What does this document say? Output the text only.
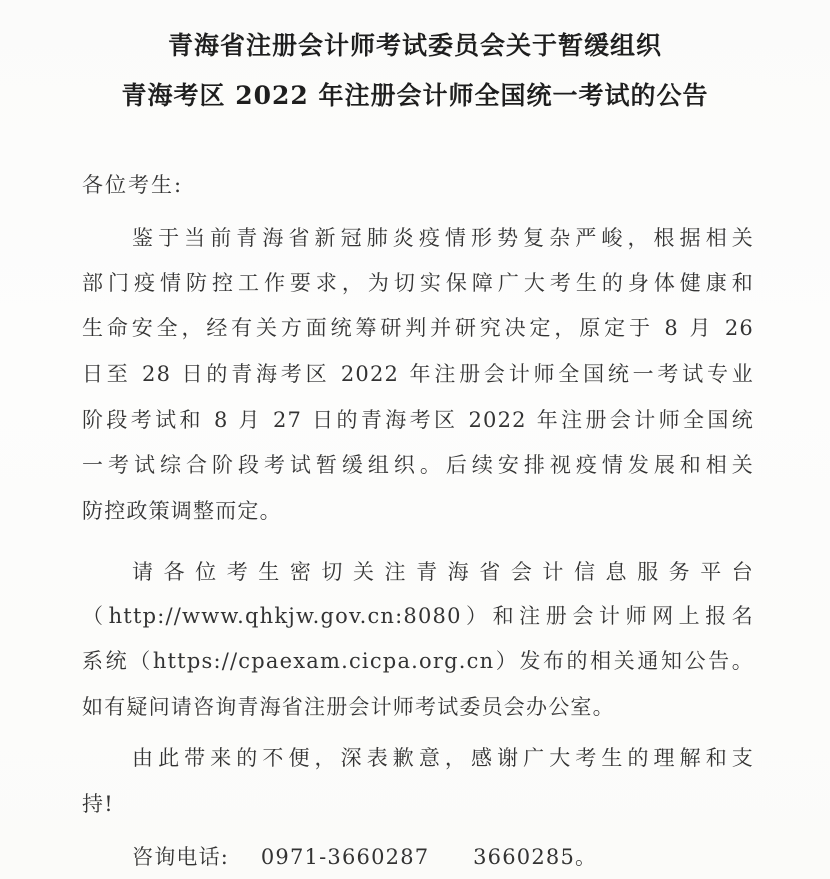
青海省注册会计师考试委员会关于暂缓组织
青海考区 2022 年注册会计师全国统一考试的公告
各位考生:
鉴于当前青海省新冠肺炎疫情形势复杂严峻，根据相关
部门疫情防控工作要求，为切实保障广大考生的身体健康和
生命安全，经有关方面统筹研判并研究决定，原定于 8 月 26
日至 28 日的青海考区 2022 年注册会计师全国统一考试专业
阶段考试和 8 月 27 日的青海考区 2022 年注册会计师全国统
一考试综合阶段考试暂缓组织。后续安排视疫情发展和相关
防控政策调整而定。
请各位考生密切关注青海省会计信息服务平台
（http://www.qhkjw.gov.cn:8080）和注册会计师网上报名
系统（https://cpaexam.cicpa.org.cn）发布的相关通知公告。
如有疑问请咨询青海省注册会计师考试委员会办公室。
由此带来的不便，深表歉意，感谢广大考生的理解和支
持!
咨询电话: 0971-3660287 3660285。
